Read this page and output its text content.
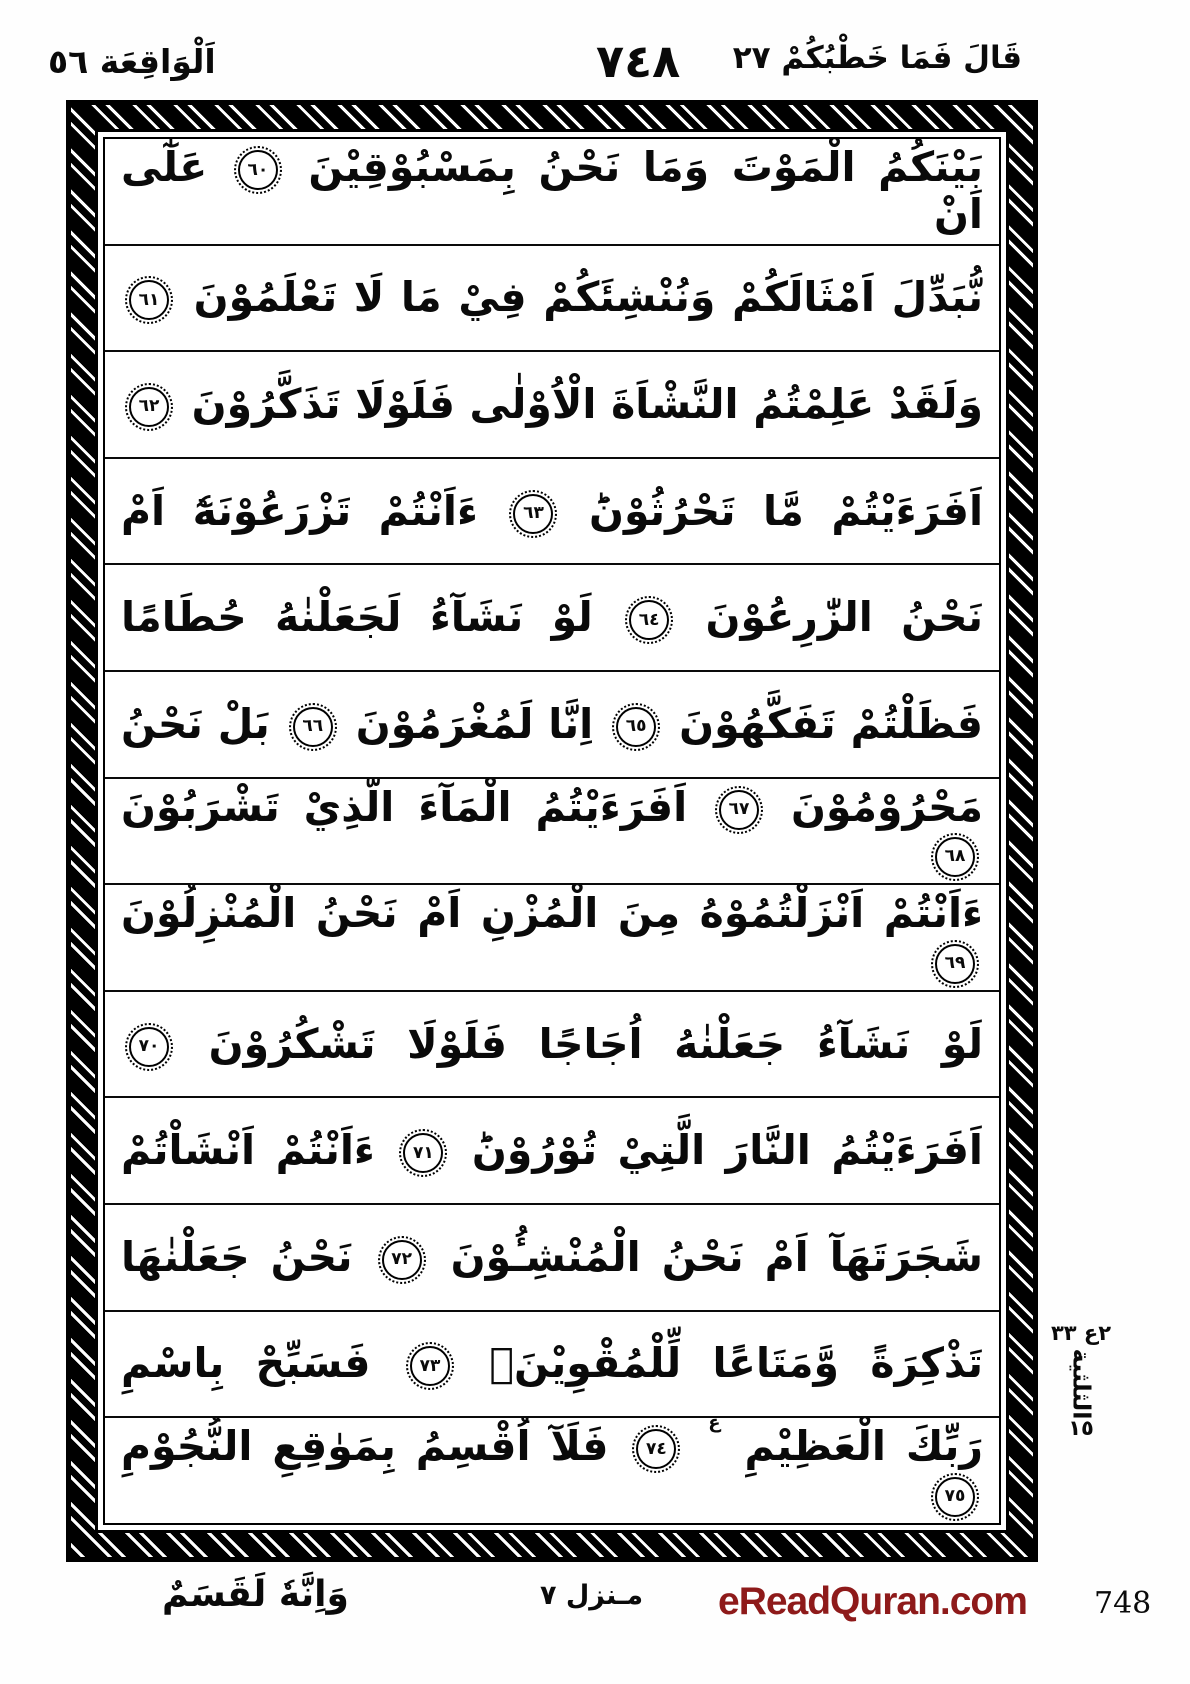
اَلْوَاقِعَة ٥٦	٧٤٨ قَالَ فَمَا خَطْبُكُمْ ٢٧
بَيْنَكُمُ الْمَوْتَ وَمَا نَحْنُ بِمَسْبُوْقِيْنَ ٦٠ عَلٰٓى اَنْ
نُّبَدِّلَ اَمْثَالَكُمْ وَنُنْشِئَكُمْ فِيْ مَا لَا تَعْلَمُوْنَ ٦١
وَلَقَدْ عَلِمْتُمُ النَّشْاَةَ الْاُوْلٰى فَلَوْلَا تَذَكَّرُوْنَ ٦٢
اَفَرَءَيْتُمْ مَّا تَحْرُثُوْنَؕ ٦٣ ءَاَنْتُمْ تَزْرَعُوْنَهٗٓ اَمْ
نَحْنُ الزّٰرِعُوْنَ ٦٤ لَوْ نَشَآءُ لَجَعَلْنٰهُ حُطَامًا
فَظَلْتُمْ تَفَكَّهُوْنَ ٦٥ اِنَّا لَمُغْرَمُوْنَ ٦٦ بَلْ نَحْنُ
مَحْرُوْمُوْنَ ٦٧ اَفَرَءَيْتُمُ الْمَآءَ الَّذِيْ تَشْرَبُوْنَ ٦٨
ءَاَنْتُمْ اَنْزَلْتُمُوْهُ مِنَ الْمُزْنِ اَمْ نَحْنُ الْمُنْزِلُوْنَ ٦٩
لَوْ نَشَآءُ جَعَلْنٰهُ اُجَاجًا فَلَوْلَا تَشْكُرُوْنَ ٧٠
اَفَرَءَيْتُمُ النَّارَ الَّتِيْ تُوْرُوْنَؕ ٧١ ءَاَنْتُمْ اَنْشَاْتُمْ
شَجَرَتَهَآ اَمْ نَحْنُ الْمُنْشِـُٔوْنَ ٧٢ نَحْنُ جَعَلْنٰهَا
تَذْكِرَةً وَّمَتَاعًا لِّلْمُقْوِيْنَۚ ٧٣ فَسَبِّحْ بِاسْمِ
رَبِّكَ الْعَظِيْمِ ع ٧٤ فَلَآ اُقْسِمُ بِمَوٰقِعِ النُّجُوْمِ ٧٥
٢ع ٣٣
الثلثية
١٥
وَاِنَّهٗ لَقَسَمٌ	مـنزل ٧ eReadQuran.com 748
